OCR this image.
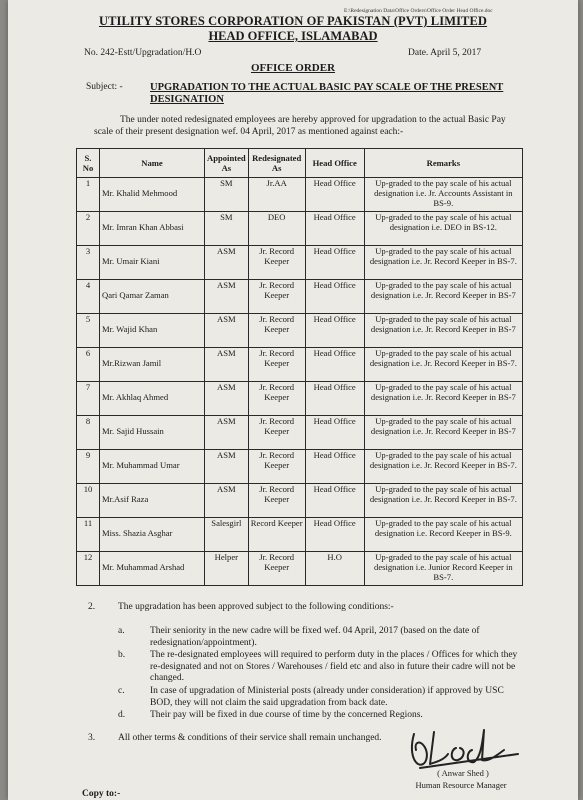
E:\Redesignation Data\Office Orders\Office Order Head Office.doc
UTILITY STORES CORPORATION OF PAKISTAN (PVT) LIMITED
HEAD OFFICE, ISLAMABAD
No. 242-Estt/Upgradation/H.O	Date. April 5, 2017
OFFICE ORDER
Subject: -	UPGRADATION TO THE ACTUAL BASIC PAY SCALE OF THE PRESENT DESIGNATION
The under noted redesignated employees are hereby approved for upgradation to the actual Basic Pay scale of their present designation wef. 04 April, 2017 as mentioned against each:-
S. No	Name	Appointed As	Redesignated As	Head Office	Remarks
1	Mr. Khalid Mehmood	SM	Jr.AA	Head Office	Up-graded to the pay scale of his actual designation i.e. Jr. Accounts Assistant in BS-9.
2	Mr. Imran Khan Abbasi	SM	DEO	Head Office	Up-graded to the pay scale of his actual designation i.e. DEO in BS-12.
3	Mr. Umair Kiani	ASM	Jr. Record Keeper	Head Office	Up-graded to the pay scale of his actual designation i.e. Jr. Record Keeper in BS-7.
4	Qari Qamar Zaman	ASM	Jr. Record Keeper	Head Office	Up-graded to the pay scale of his actual designation i.e. Jr. Record Keeper in BS-7
5	Mr. Wajid Khan	ASM	Jr. Record Keeper	Head Office	Up-graded to the pay scale of his actual designation i.e. Jr. Record Keeper in BS-7
6	Mr.Rizwan Jamil	ASM	Jr. Record Keeper	Head Office	Up-graded to the pay scale of his actual designation i.e. Jr. Record Keeper in BS-7.
7	Mr. Akhlaq Ahmed	ASM	Jr. Record Keeper	Head Office	Up-graded to the pay scale of his actual designation i.e. Jr. Record Keeper in BS-7
8	Mr. Sajid Hussain	ASM	Jr. Record Keeper	Head Office	Up-graded to the pay scale of his actual designation i.e. Jr. Record Keeper in BS-7
9	Mr. Muhammad Umar	ASM	Jr. Record Keeper	Head Office	Up-graded to the pay scale of his actual designation i.e. Jr. Record Keeper in BS-7.
10	Mr.Asif Raza	ASM	Jr. Record Keeper	Head Office	Up-graded to the pay scale of his actual designation i.e. Jr. Record Keeper in BS-7.
11	Miss. Shazia Asghar	Salesgirl	Record Keeper	Head Office	Up-graded to the pay scale of his actual designation i.e. Record Keeper in BS-9.
12	Mr. Muhammad Arshad	Helper	Jr. Record Keeper	H.O	Up-graded to the pay scale of his actual designation i.e. Junior Record Keeper in BS-7.
2. The upgradation has been approved subject to the following conditions:-
a.	Their seniority in the new cadre will be fixed wef. 04 April, 2017 (based on the date of redesignation/appointment).
b.	The re-designated employees will required to perform duty in the places / Offices for which they re-designated and not on Stores / Warehouses / field etc and also in future their cadre will not be changed.
c.	In case of upgradation of Ministerial posts (already under consideration) if approved by USC BOD, they will not claim the said upgradation from back date.
d.	Their pay will be fixed in due course of time by the concerned Regions.
3. All other terms & conditions of their service shall remain unchanged.
( Anwar Shed )
Human Resource Manager
Copy to:-
